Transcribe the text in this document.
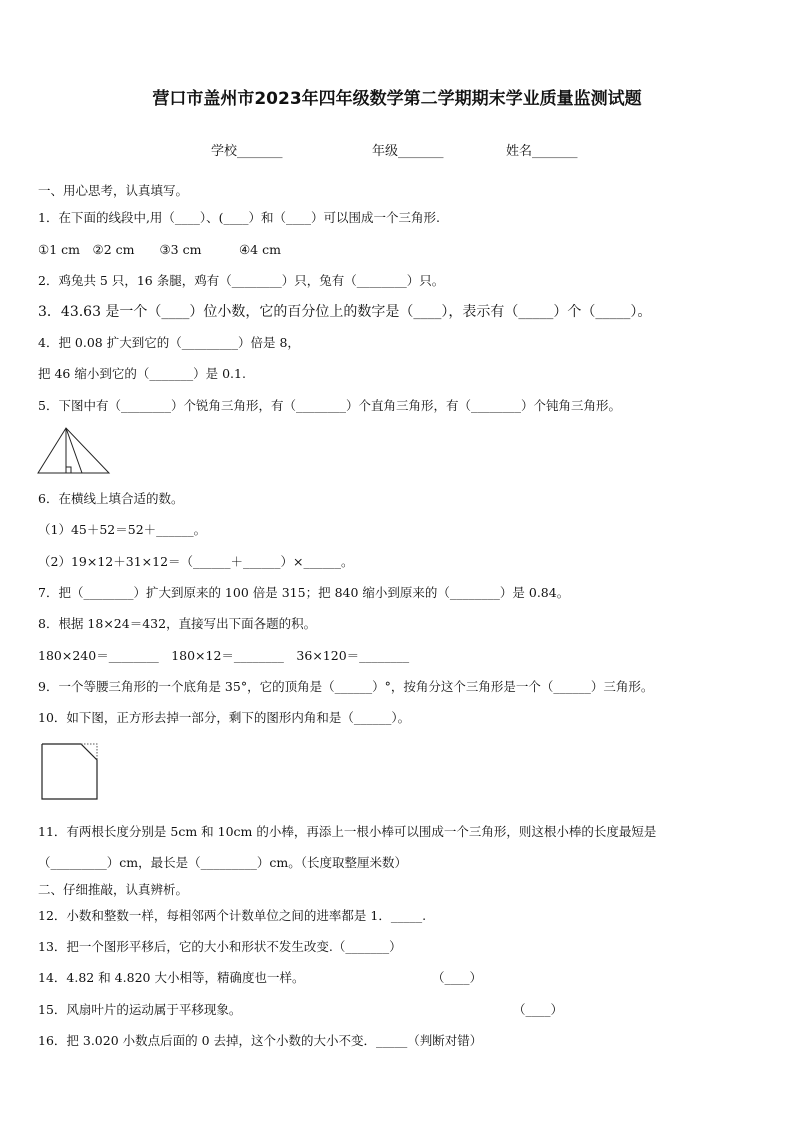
营口市盖州市2023年四年级数学第二学期期末学业质量监测试题
学校_______	年级_______	姓名_______
一、用心思考，认真填写。
1．在下面的线段中,用（____）、(____）和（____）可以围成一个三角形.
①1 cm　②2 cm　　③3 cm　　　④4 cm
2．鸡兔共 5 只，16 条腿，鸡有（________）只，兔有（________）只。
3．43.63 是一个（____）位小数，它的百分位上的数字是（____），表示有（_____）个（_____）。
4．把 0.08 扩大到它的（_________）倍是 8，
把 46 缩小到它的（_______）是 0.1.
5．下图中有（________）个锐角三角形，有（________）个直角三角形，有（________）个钝角三角形。
6．在横线上填合适的数。
（1）45＋52＝52＋______。
（2）19×12＋31×12＝（______＋______）×______。
7．把（________）扩大到原来的 100 倍是 315；把 840 缩小到原来的（________）是 0.84。
8．根据 18×24＝432，直接写出下面各题的积。
180×240＝________　180×12＝________　36×120＝________
9．一个等腰三角形的一个底角是 35°，它的顶角是（______）°，按角分这个三角形是一个（______）三角形。
10．如下图，正方形去掉一部分，剩下的图形内角和是（______）。
11．有两根长度分别是 5cm 和 10cm 的小棒，再添上一根小棒可以围成一个三角形，则这根小棒的长度最短是
（_________）cm，最长是（_________）cm。（长度取整厘米数）
二、仔细推敲，认真辨析。
12．小数和整数一样，每相邻两个计数单位之间的进率都是 1．_____.
13．把一个图形平移后，它的大小和形状不发生改变.（_______）
14．4.82 和 4.820 大小相等，精确度也一样。	（____）
15．风扇叶片的运动属于平移现象。	（____）
16．把 3.020 小数点后面的 0 去掉，这个小数的大小不变．_____（判断对错）
